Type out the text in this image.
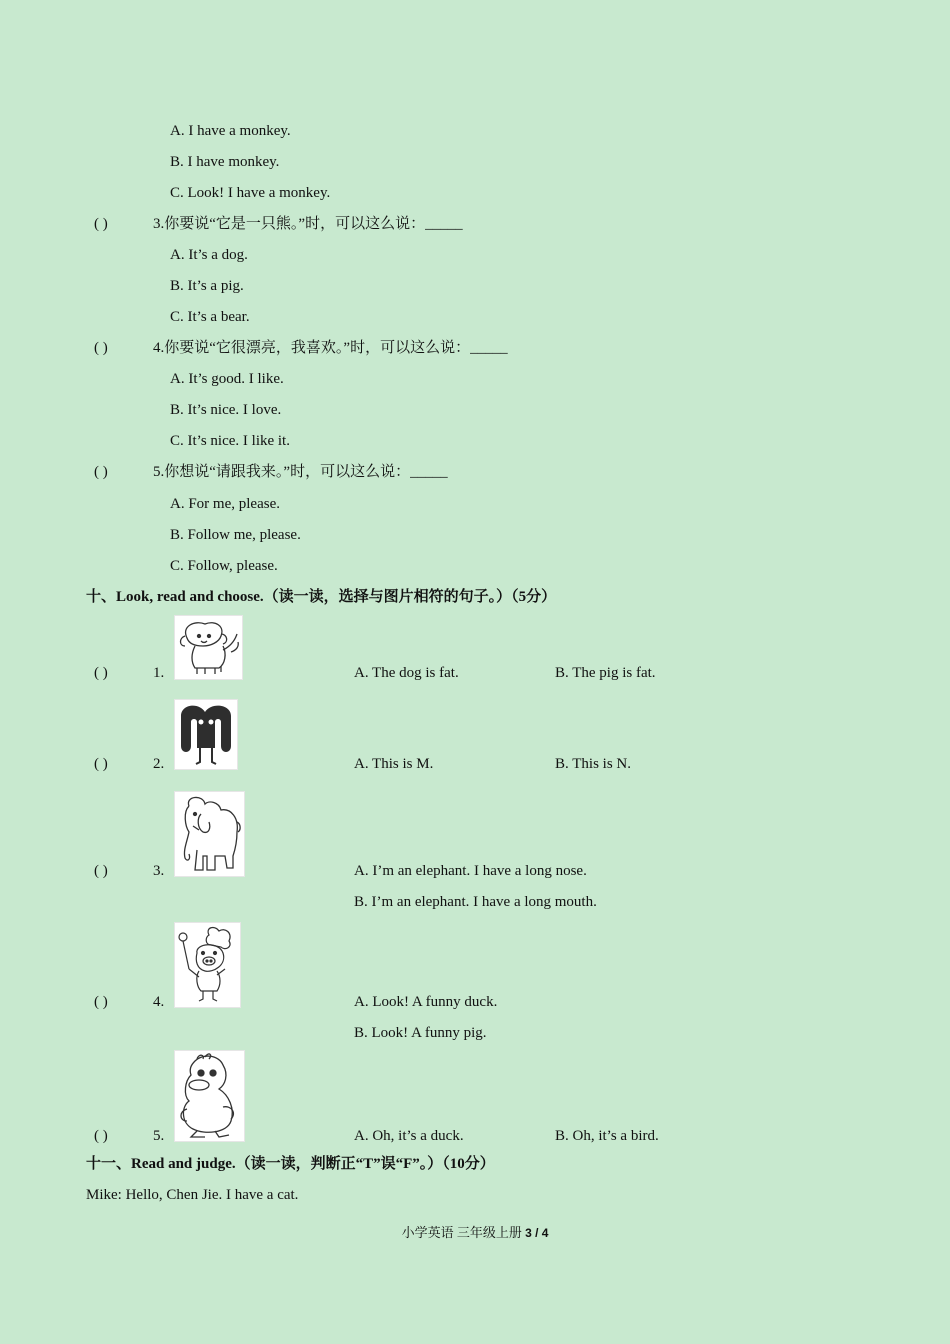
A. I have a monkey.
B. I have monkey.
C. Look! I have a monkey.
( )	3.你要说“它是一只熊。”时，可以这么说：_____
A. It’s a dog.
B. It’s a pig.
C. It’s a bear.
( )	4.你要说“它很漂亮，我喜欢。”时，可以这么说：_____
A. It’s good. I like.
B. It’s nice. I love.
C. It’s nice. I like it.
( )	5.你想说“请跟我来。”时，可以这么说：_____
A. For me, please.
B. Follow me, please.
C. Follow, please.
十、Look, read and choose.（读一读，选择与图片相符的句子。）（5分）
( )	1.	A. The dog is fat.	B. The pig is fat.
( )	2.	A. This is M.	B. This is N.
( )	3.	A. I’m an elephant. I have a long nose.
B. I’m an elephant. I have a long mouth.
( )	4.	A. Look! A funny duck.
B. Look! A funny pig.
( )	5.	A. Oh, it’s a duck.	B. Oh, it’s a bird.
十一、Read and judge.（读一读，判断正“T”误“F”。）（10分）
Mike: Hello, Chen Jie. I have a cat.
小学英语 三年级上册 3 / 4
